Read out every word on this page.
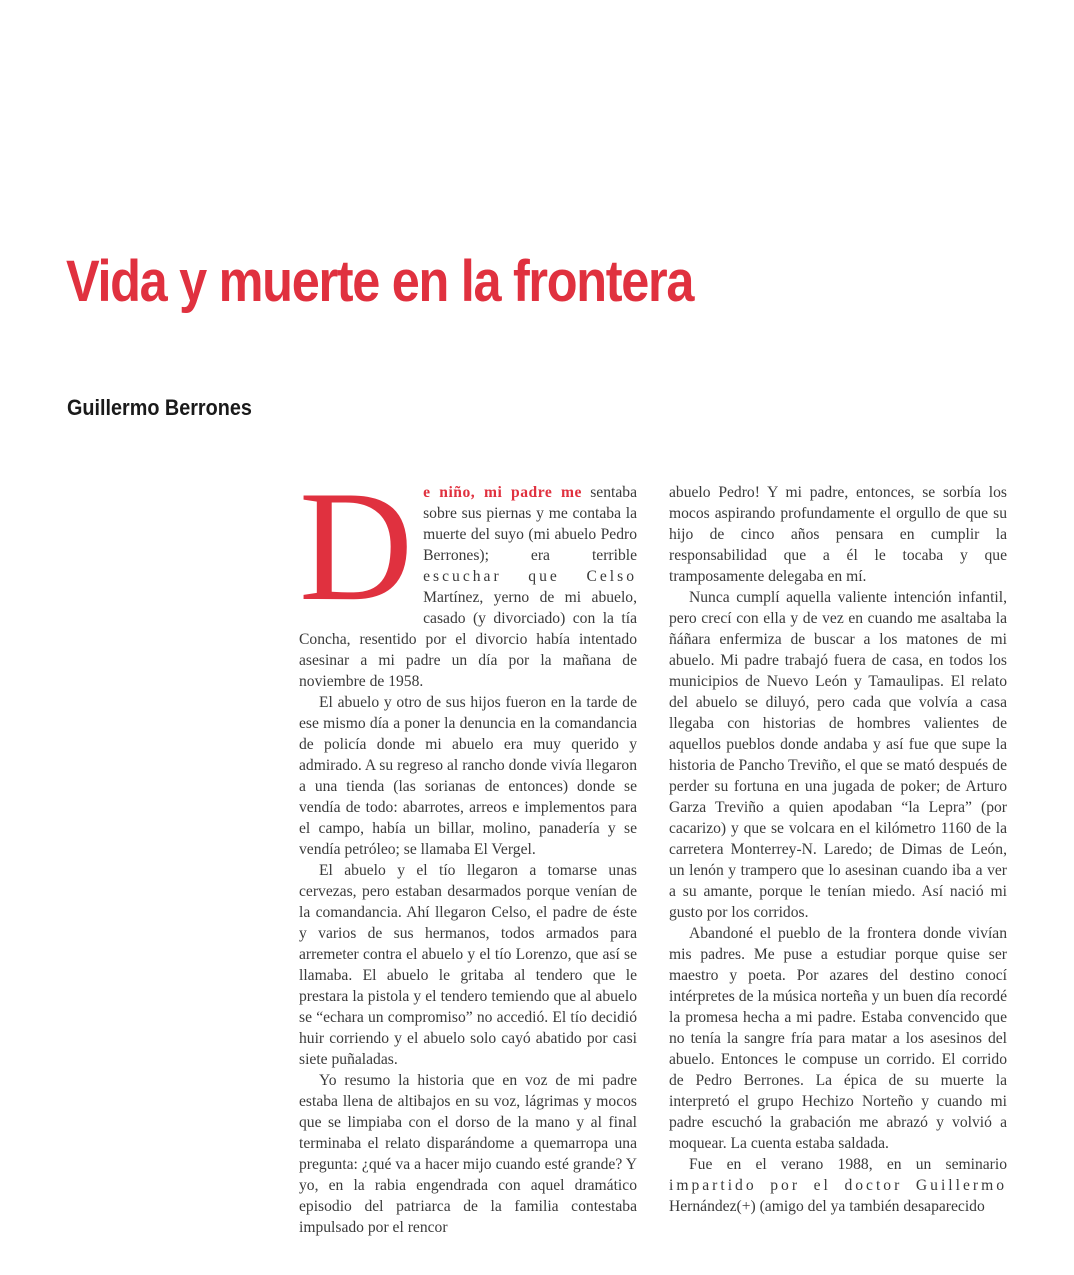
Vida y muerte en la frontera
Guillermo Berrones

De niño, mi padre me sentaba sobre sus piernas y me contaba la muerte del suyo (mi abuelo Pedro Berrones); era terrible escuchar que Celso Martínez, yerno de mi abuelo, casado (y divorciado) con la tía Concha, resentido por el divorcio había intentado asesinar a mi padre un día por la mañana de noviembre de 1958.

El abuelo y otro de sus hijos fueron en la tarde de ese mismo día a poner la denuncia en la comandancia de policía donde mi abuelo era muy querido y admirado. A su regreso al rancho donde vivía llegaron a una tienda (las sorianas de entonces) donde se vendía de todo: abarrotes, arreos e implementos para el campo, había un billar, molino, panadería y se vendía petróleo; se llamaba El Vergel.

El abuelo y el tío llegaron a tomarse unas cervezas, pero estaban desarmados porque venían de la comandancia. Ahí llegaron Celso, el padre de éste y varios de sus hermanos, todos armados para arremeter contra el abuelo y el tío Lorenzo, que así se llamaba. El abuelo le gritaba al tendero que le prestara la pistola y el tendero temiendo que al abuelo se “echara un compromiso” no accedió. El tío decidió huir corriendo y el abuelo solo cayó abatido por casi siete puñaladas.

Yo resumo la historia que en voz de mi padre estaba llena de altibajos en su voz, lágrimas y mocos que se limpiaba con el dorso de la mano y al final terminaba el relato disparándome a quemarropa una pregunta: ¿qué va a hacer mijo cuando esté grande? Y yo, en la rabia engendrada con aquel dramático episodio del patriarca de la familia contestaba impulsado por el rencor

abuelo Pedro! Y mi padre, entonces, se sorbía los mocos aspirando profundamente el orgullo de que su hijo de cinco años pensara en cumplir la responsabilidad que a él le tocaba y que tramposamente delegaba en mí.

Nunca cumplí aquella valiente intención infantil, pero crecí con ella y de vez en cuando me asaltaba la ñáñara enfermiza de buscar a los matones de mi abuelo. Mi padre trabajó fuera de casa, en todos los municipios de Nuevo León y Tamaulipas. El relato del abuelo se diluyó, pero cada que volvía a casa llegaba con historias de hombres valientes de aquellos pueblos donde andaba y así fue que supe la historia de Pancho Treviño, el que se mató después de perder su fortuna en una jugada de poker; de Arturo Garza Treviño a quien apodaban “la Lepra” (por cacarizo) y que se volcara en el kilómetro 1160 de la carretera Monterrey-N. Laredo; de Dimas de León, un lenón y trampero que lo asesinan cuando iba a ver a su amante, porque le tenían miedo. Así nació mi gusto por los corridos.

Abandoné el pueblo de la frontera donde vivían mis padres. Me puse a estudiar porque quise ser maestro y poeta. Por azares del destino conocí intérpretes de la música norteña y un buen día recordé la promesa hecha a mi padre. Estaba convencido que no tenía la sangre fría para matar a los asesinos del abuelo. Entonces le compuse un corrido. El corrido de Pedro Berrones. La épica de su muerte la interpretó el grupo Hechizo Norteño y cuando mi padre escuchó la grabación me abrazó y volvió a moquear. La cuenta estaba saldada.

Fue en el verano 1988, en un seminario impartido por el doctor Guillermo Hernández(+) (amigo del ya también desaparecido
